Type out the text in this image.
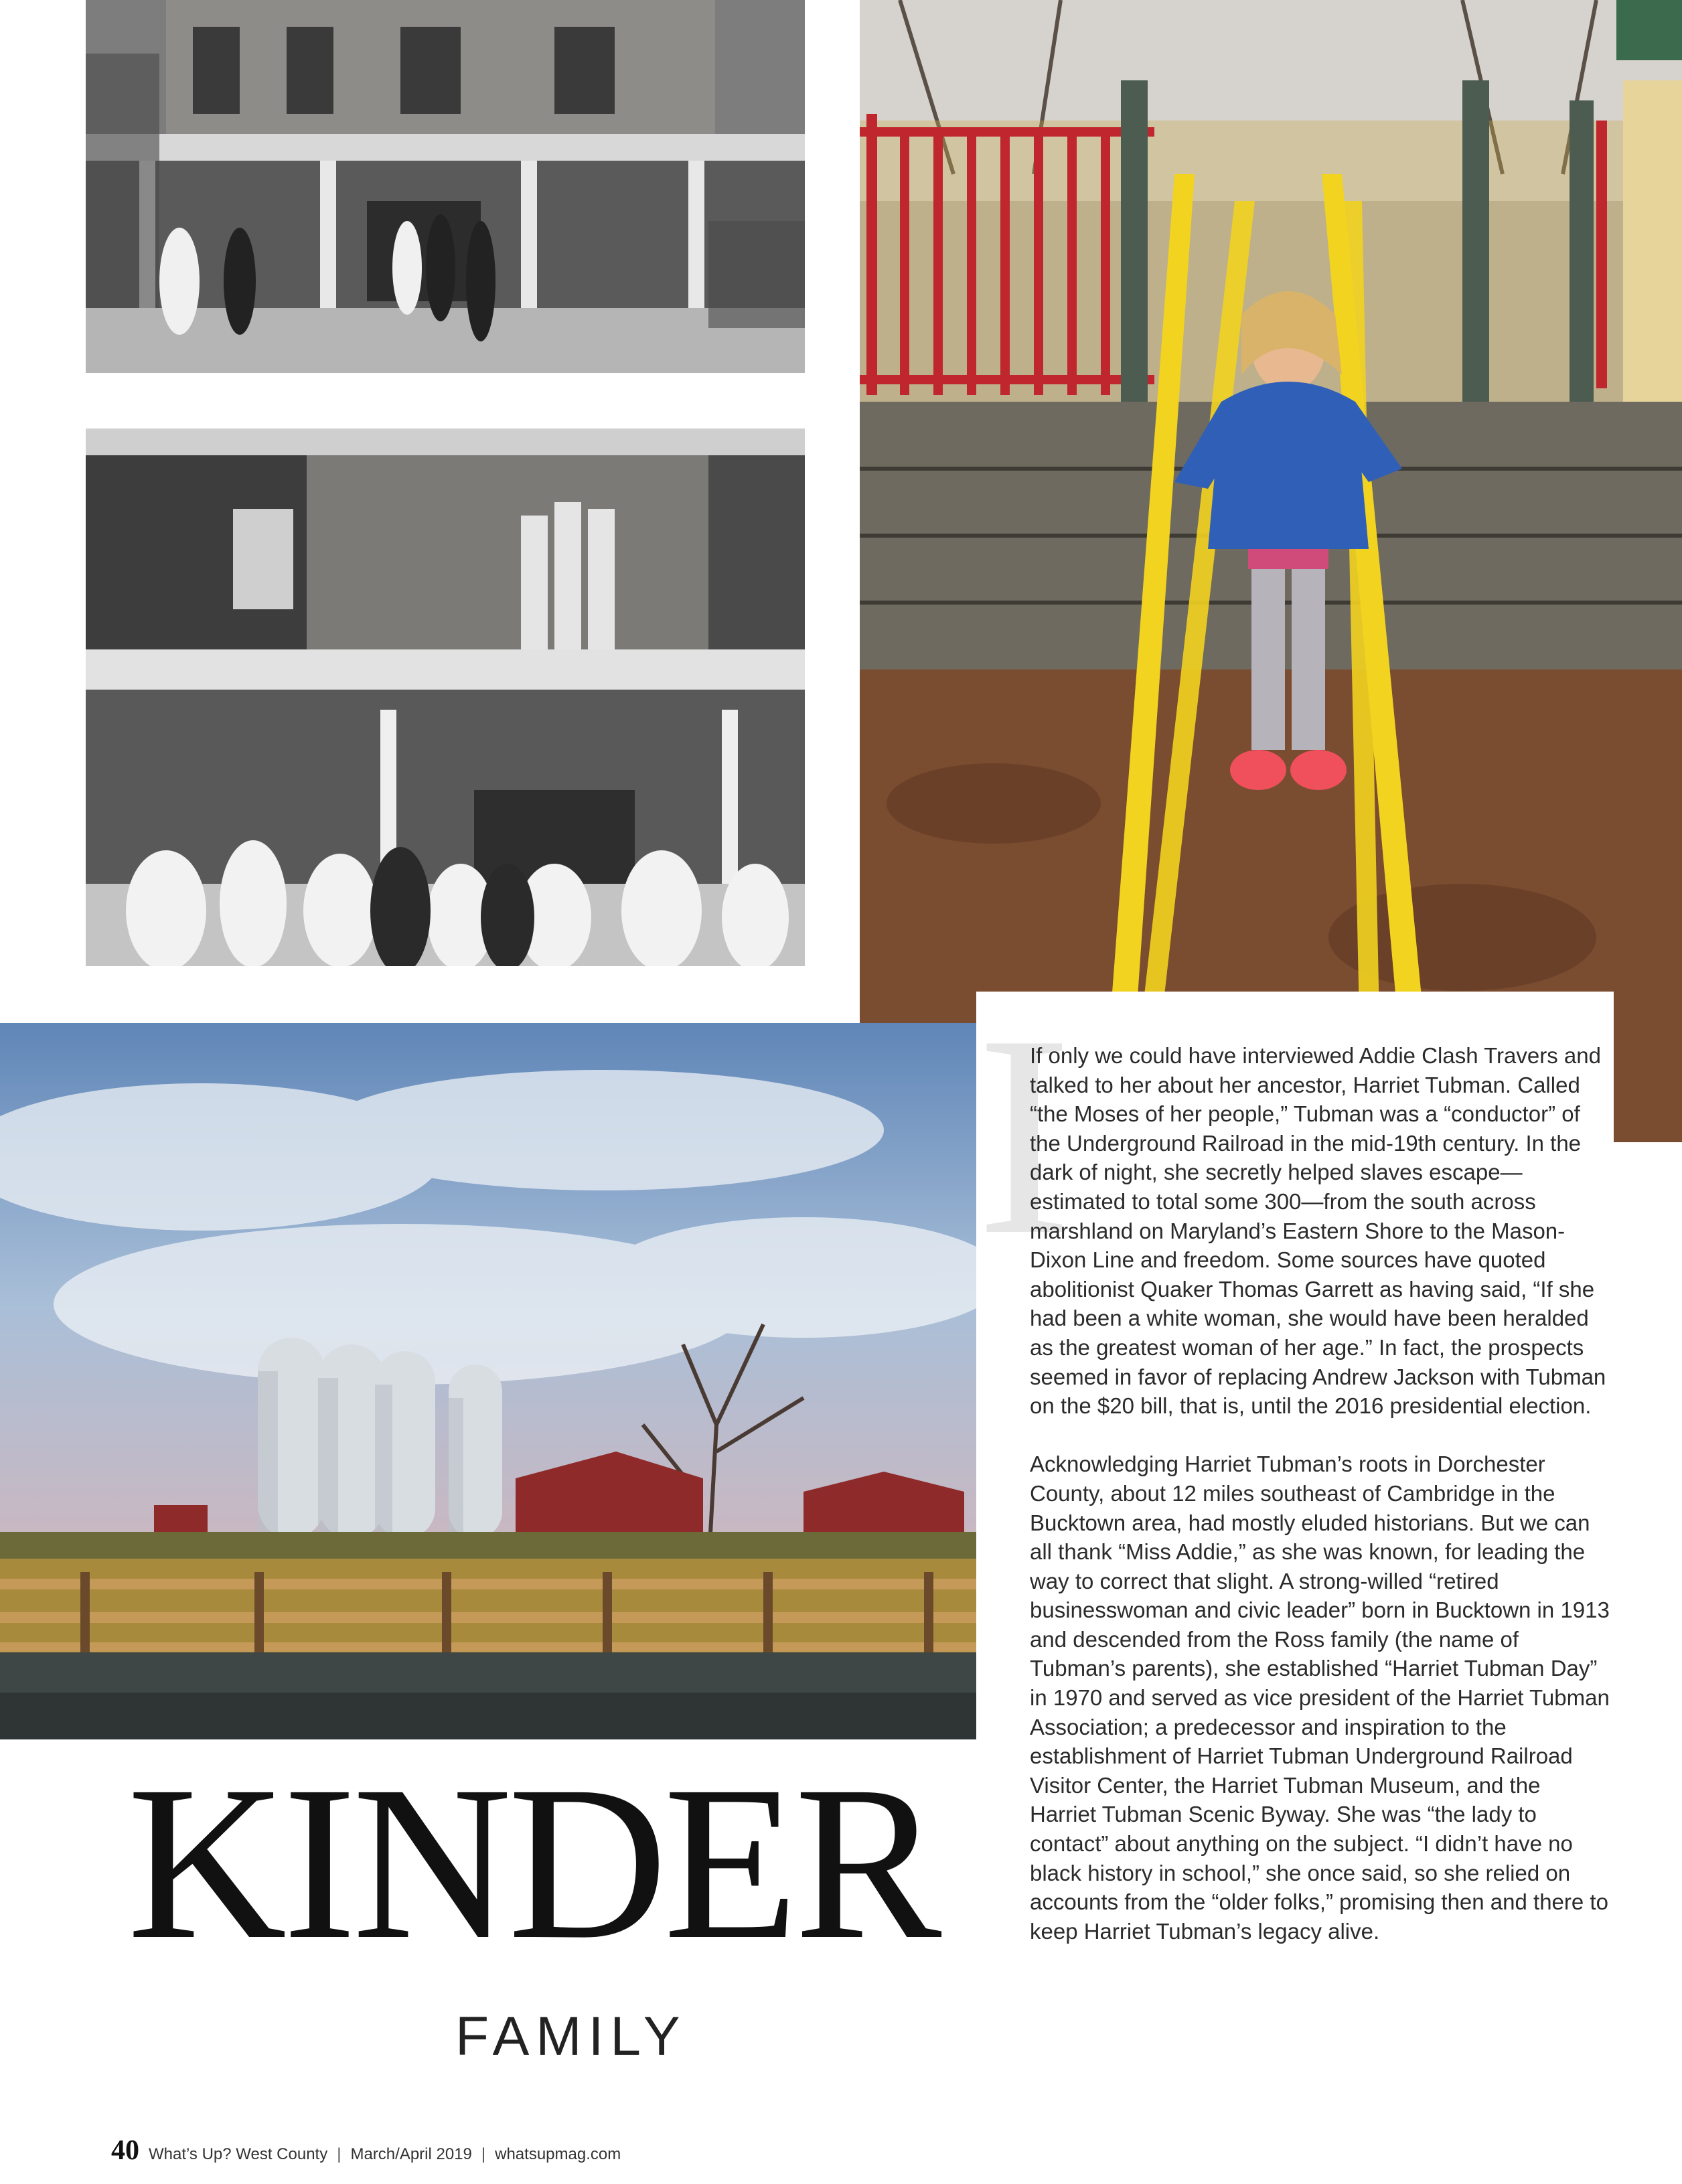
I

If only we could have interviewed Addie Clash Travers and talked to her about her ancestor, Harriet Tubman. Called “the Moses of her people,” Tubman was a “conductor” of the Underground Railroad in the mid-19th century. In the dark of night, she secretly helped slaves escape—estimated to total some 300—from the south across marshland on Maryland’s Eastern Shore to the Mason-Dixon Line and freedom. Some sources have quoted abolitionist Quaker Thomas Garrett as having said, “If she had been a white woman, she would have been heralded as the greatest woman of her age.” In fact, the prospects seemed in favor of replacing Andrew Jackson with Tubman on the $20 bill, that is, until the 2016 presidential election.

Acknowledging Harriet Tubman’s roots in Dorchester County, about 12 miles southeast of Cambridge in the Bucktown area, had mostly eluded historians. But we can all thank “Miss Addie,” as she was known, for leading the way to correct that slight. A strong-willed “retired businesswoman and civic leader” born in Bucktown in 1913 and descended from the Ross family (the name of Tubman’s parents), she established “Harriet Tubman Day” in 1970 and served as vice president of the Harriet Tubman Association; a predecessor and inspiration to the establishment of Harriet Tubman Underground Railroad Visitor Center, the Harriet Tubman Museum, and the Harriet Tubman Scenic Byway. She was “the lady to contact” about anything on the subject. “I didn’t have no black history in school,” she once said, so she relied on accounts from the “older folks,” promising then and there to keep Harriet Tubman’s legacy alive.

KINDER
FAMILY
40 What’s Up? West County | March/April 2019 | whatsupmag.com
